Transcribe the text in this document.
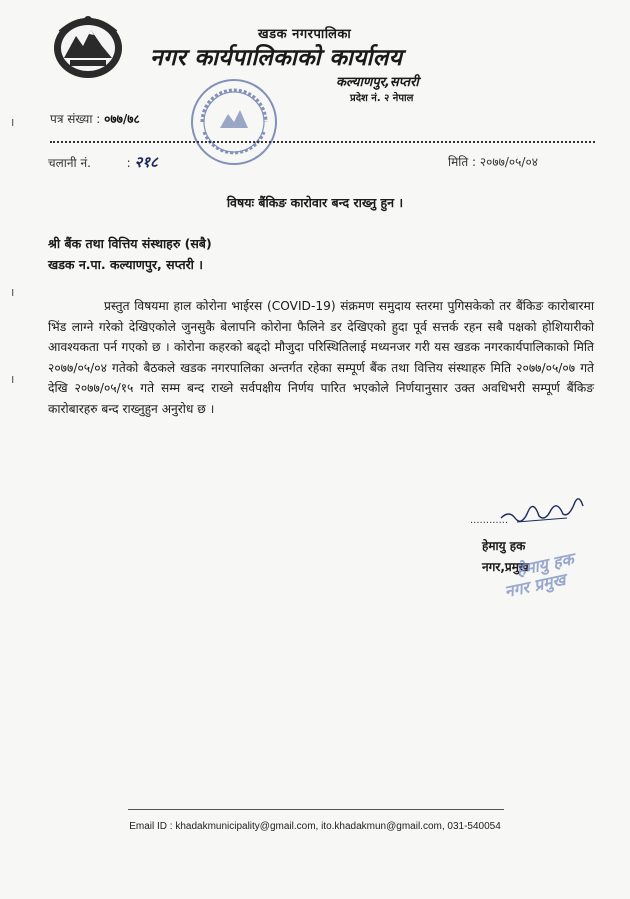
खडक नगरपालिका
नगर कार्यपालिकाको कार्यालय
कल्याणपुर,सप्तरी
प्रदेश नं. २ नेपाल
पत्र संख्या : ०७७/७८
चलानी नं.	: २१८	मिति : २०७७/०५/०४
विषयः बैंकिङ कारोवार बन्द राख्नु हुन ।
श्री बैंक तथा वित्तिय संस्थाहरु (सबै)
खडक न.पा. कल्याणपुर, सप्तरी ।
प्रस्तुत विषयमा हाल कोरोना भाईरस (COVID-19) संक्रमण समुदाय स्तरमा पुगिसकेको तर बैंकिङ कारोबारमा भिंड लाग्ने गरेको देखिएकोले जुनसुकै बेलापनि कोरोना फैलिने डर देखिएको हुदा पूर्व सत्तर्क रहन सबै पक्षको होशियारीको आवश्यकता पर्न गएको छ । कोरोना कहरको बढ्दो मौजुदा परिस्थितिलाई मध्यनजर गरी यस खडक नगरकार्यपालिकाको मिति २०७७/०५/०४ गतेको बैठकले खडक नगरपालिका अन्तर्गत रहेका सम्पूर्ण बैंक तथा वित्तिय संस्थाहरु मिति २०७७/०५/०७ गते देखि २०७७/०५/१५ गते सम्म बन्द राख्ने सर्वपक्षीय निर्णय पारित भएकोले निर्णयानुसार उक्त अवधिभरी सम्पूर्ण बैंकिङ कारोबारहरु बन्द राख्नुहुन अनुरोध छ ।
............
हेमायु हक
नगर,प्रमुख
हेमायु हक
नगर प्रमुख
Email ID : khadakmunicipality@gmail.com, ito.khadakmun@gmail.com, 031-540054
ı
ı
ı
